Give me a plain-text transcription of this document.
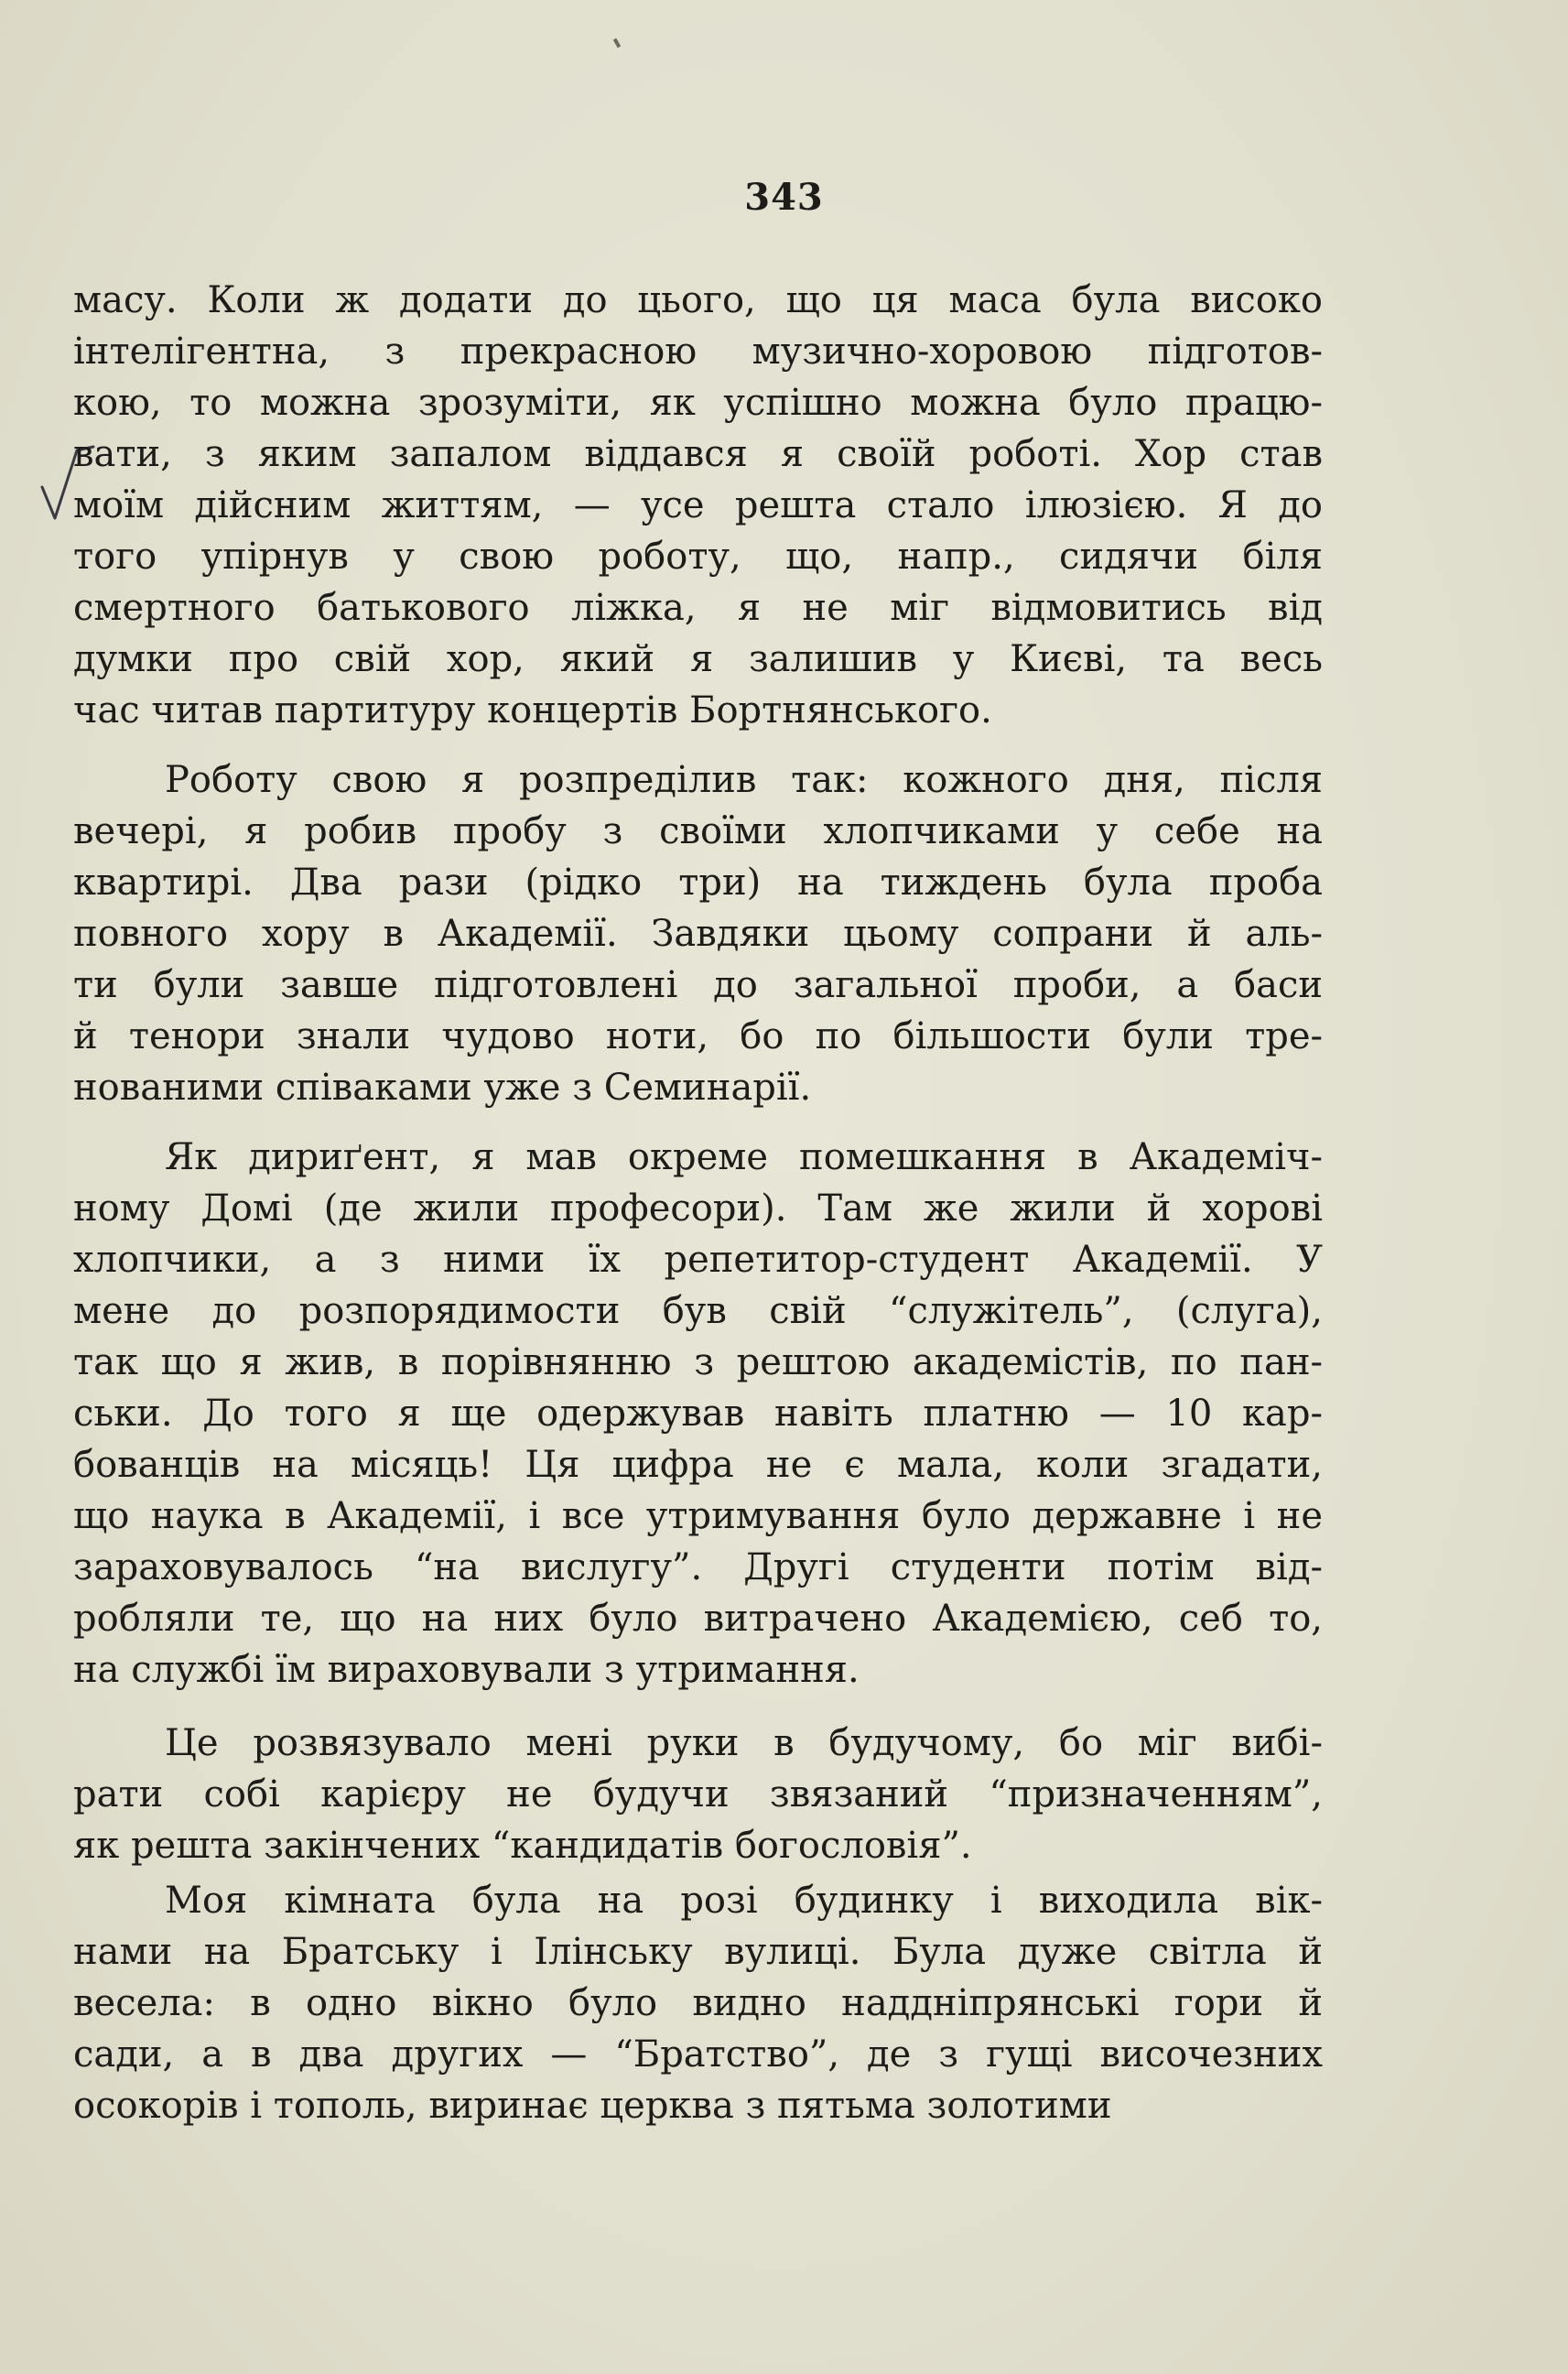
343
масу. Коли ж додати до цього, що ця маса була високо
інтелігентна, з прекрасною музично-хоровою підготов-
кою, то можна зрозуміти, як успішно можна було працю-
вати, з яким запалом віддався я своїй роботі. Хор став
моїм дійсним життям, — усе решта стало ілюзією. Я до
того упірнув у свою роботу, що, напр., сидячи біля
смертного батькового ліжка, я не міг відмовитись від
думки про свій хор, який я залишив у Києві, та весь
час читав партитуру концертів Бортнянського.
Роботу свою я розпреділив так: кожного дня, після
вечері, я робив пробу з своїми хлопчиками у себе на
квартирі. Два рази (рідко три) на тиждень була проба
повного хору в Академії. Завдяки цьому сопрани й аль-
ти були завше підготовлені до загальної проби, а баси
й тенори знали чудово ноти, бо по більшости були тре-
нованими співаками уже з Семинарії.
Як дириґент, я мав окреме помешкання в Академіч-
ному Домі (де жили професори). Там же жили й хорові
хлопчики, а з ними їх репетитор-студент Академії. У
мене до розпорядимости був свій “служітель”, (слуга),
так що я жив, в порівнянню з рештою академістів, по пан-
ськи. До того я ще одержував навіть платню — 10 кар-
бованців на місяць! Ця цифра не є мала, коли згадати,
що наука в Академії, і все утримування було державне і не
зараховувалось “на вислугу”. Другі студенти потім від-
робляли те, що на них було витрачено Академією, себ то,
на службі їм вираховували з утримання.
Це розвязувало мені руки в будучому, бо міг вибі-
рати собі карієру не будучи звязаний “призначенням”,
як решта закінчених “кандидатів богословія”.
Моя кімната була на розі будинку і виходила вік-
нами на Братську і Ілінську вулиці. Була дуже світла й
весела: в одно вікно було видно наддніпрянські гори й
сади, а в два других — “Братство”, де з гущі височезних
осокорів і тополь, виринає церква з пятьма золотими
